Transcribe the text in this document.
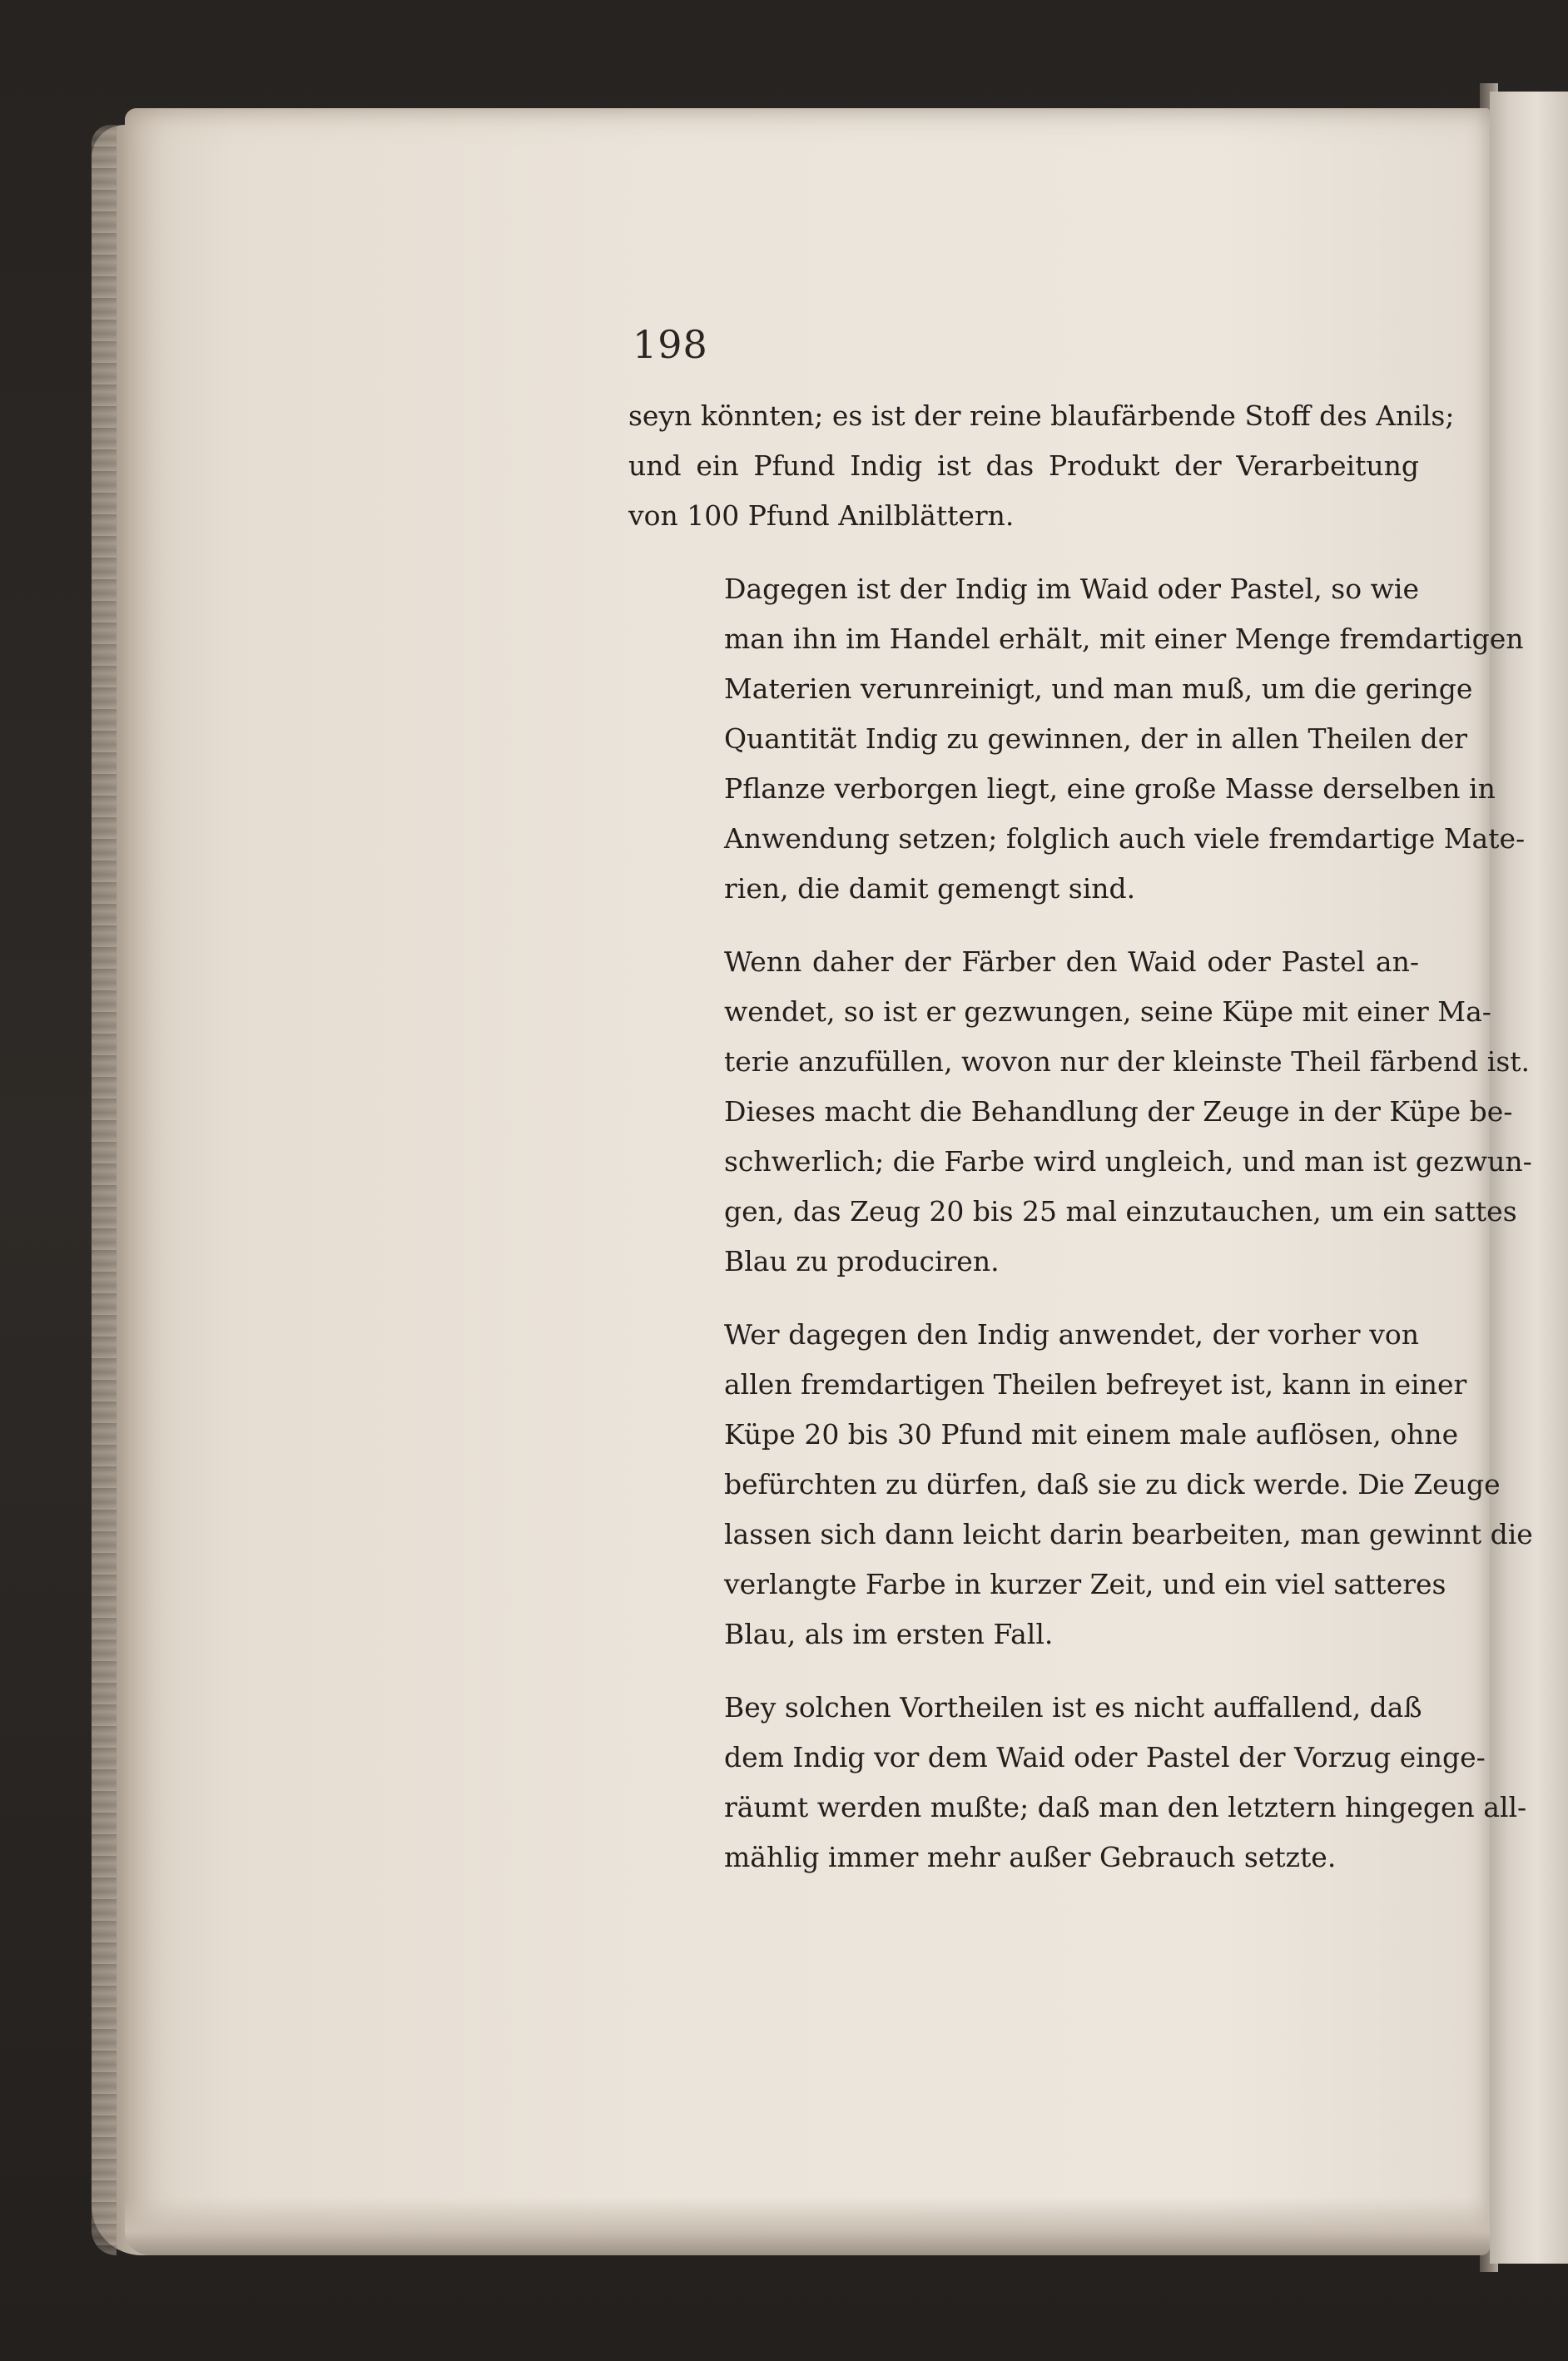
198

seyn könnten; es ist der reine blaufärbende Stoff des Anils;
und ein Pfund Indig ist das Produkt der Verarbeitung
von 100 Pfund Anilblättern.

Dagegen ist der Indig im Waid oder Pastel, so wie
man ihn im Handel erhält, mit einer Menge fremdartigen
Materien verunreinigt, und man muß, um die geringe
Quantität Indig zu gewinnen, der in allen Theilen der
Pflanze verborgen liegt, eine große Masse derselben in
Anwendung setzen; folglich auch viele fremdartige Mate-
rien, die damit gemengt sind.

Wenn daher der Färber den Waid oder Pastel an-
wendet, so ist er gezwungen, seine Küpe mit einer Ma-
terie anzufüllen, wovon nur der kleinste Theil färbend ist.
Dieses macht die Behandlung der Zeuge in der Küpe be-
schwerlich; die Farbe wird ungleich, und man ist gezwun-
gen, das Zeug 20 bis 25 mal einzutauchen, um ein sattes
Blau zu produciren.

Wer dagegen den Indig anwendet, der vorher von
allen fremdartigen Theilen befreyet ist, kann in einer
Küpe 20 bis 30 Pfund mit einem male auflösen, ohne
befürchten zu dürfen, daß sie zu dick werde. Die Zeuge
lassen sich dann leicht darin bearbeiten, man gewinnt die
verlangte Farbe in kurzer Zeit, und ein viel satteres
Blau, als im ersten Fall.

Bey solchen Vortheilen ist es nicht auffallend, daß
dem Indig vor dem Waid oder Pastel der Vorzug einge-
räumt werden mußte; daß man den letztern hingegen all-
mählig immer mehr außer Gebrauch setzte.
